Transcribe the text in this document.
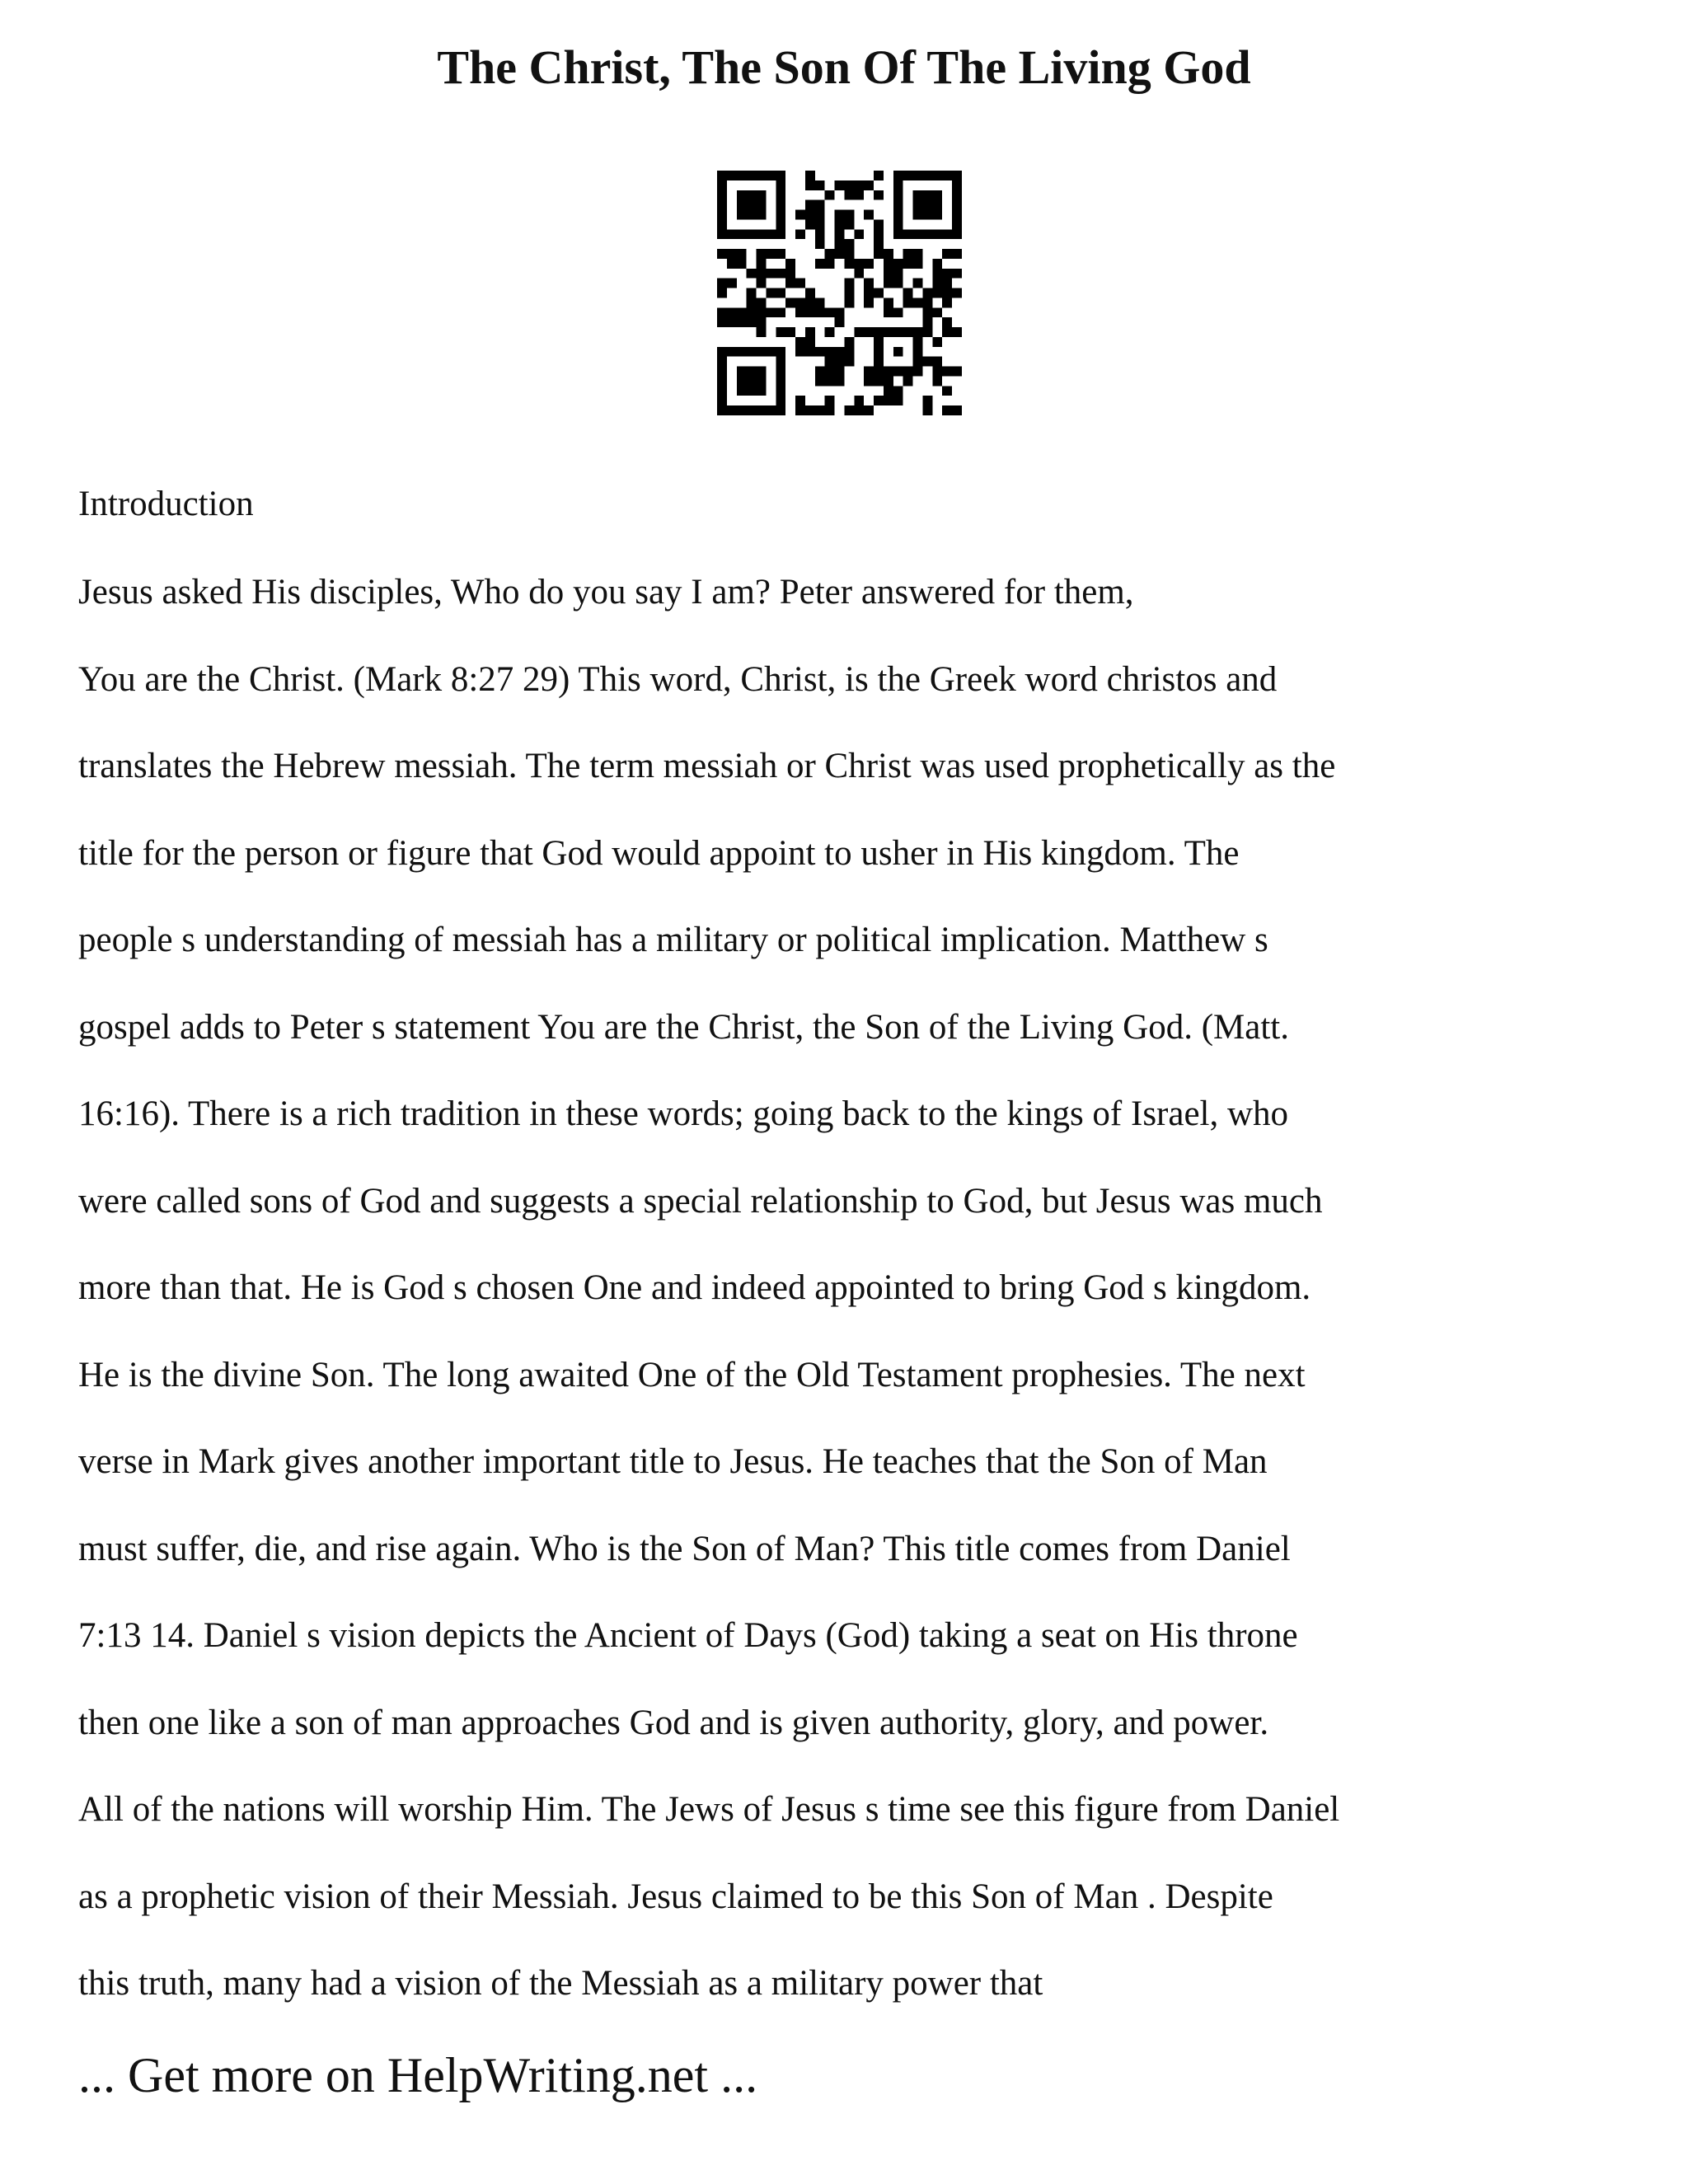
The Christ, The Son Of The Living God
Introduction
Jesus asked His disciples, Who do you say I am? Peter answered for them,
You are the Christ. (Mark 8:27 29) This word, Christ, is the Greek word christos and
translates the Hebrew messiah. The term messiah or Christ was used prophetically as the
title for the person or figure that God would appoint to usher in His kingdom. The
people s understanding of messiah has a military or political implication. Matthew s
gospel adds to Peter s statement You are the Christ, the Son of the Living God. (Matt.
16:16). There is a rich tradition in these words; going back to the kings of Israel, who
were called sons of God and suggests a special relationship to God, but Jesus was much
more than that. He is God s chosen One and indeed appointed to bring God s kingdom.
He is the divine Son. The long awaited One of the Old Testament prophesies. The next
verse in Mark gives another important title to Jesus. He teaches that the Son of Man
must suffer, die, and rise again. Who is the Son of Man? This title comes from Daniel
7:13 14. Daniel s vision depicts the Ancient of Days (God) taking a seat on His throne
then one like a son of man approaches God and is given authority, glory, and power.
All of the nations will worship Him. The Jews of Jesus s time see this figure from Daniel
as a prophetic vision of their Messiah. Jesus claimed to be this Son of Man . Despite
this truth, many had a vision of the Messiah as a military power that
... Get more on HelpWriting.net ...
